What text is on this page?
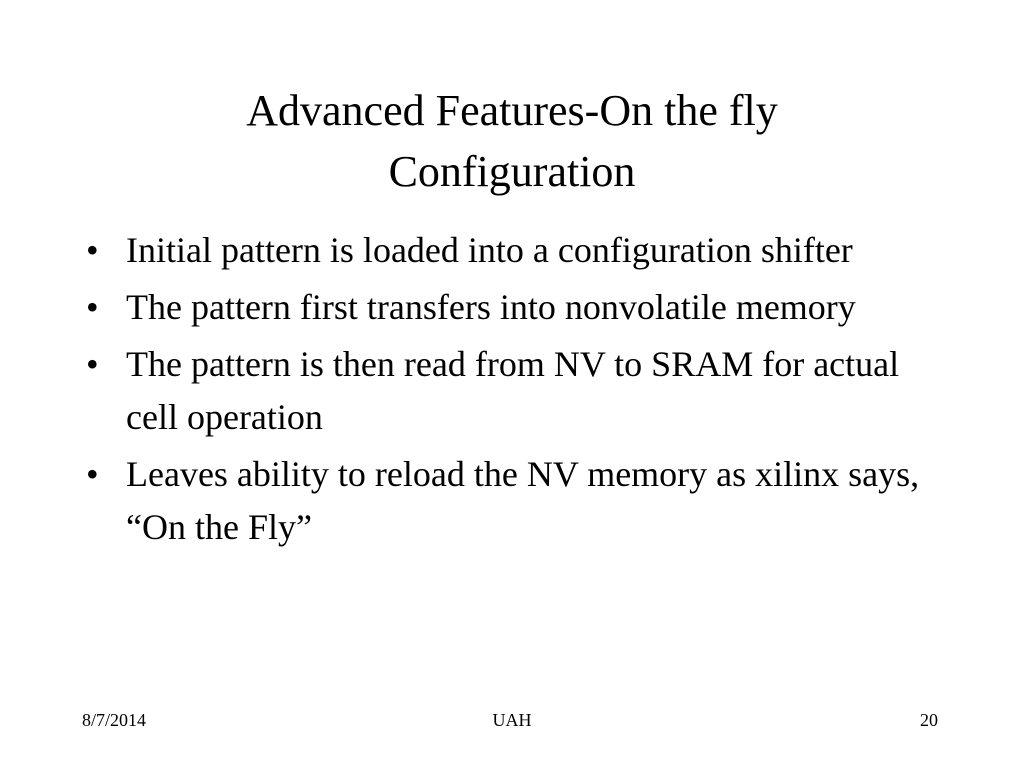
Advanced Features-On the fly
Configuration
• Initial pattern is loaded into a configuration shifter
• The pattern first transfers into nonvolatile memory
• The pattern is then read from NV to SRAM for actual cell operation
• Leaves ability to reload the NV memory as xilinx says, “On the Fly”
8/7/2014	UAH	20
